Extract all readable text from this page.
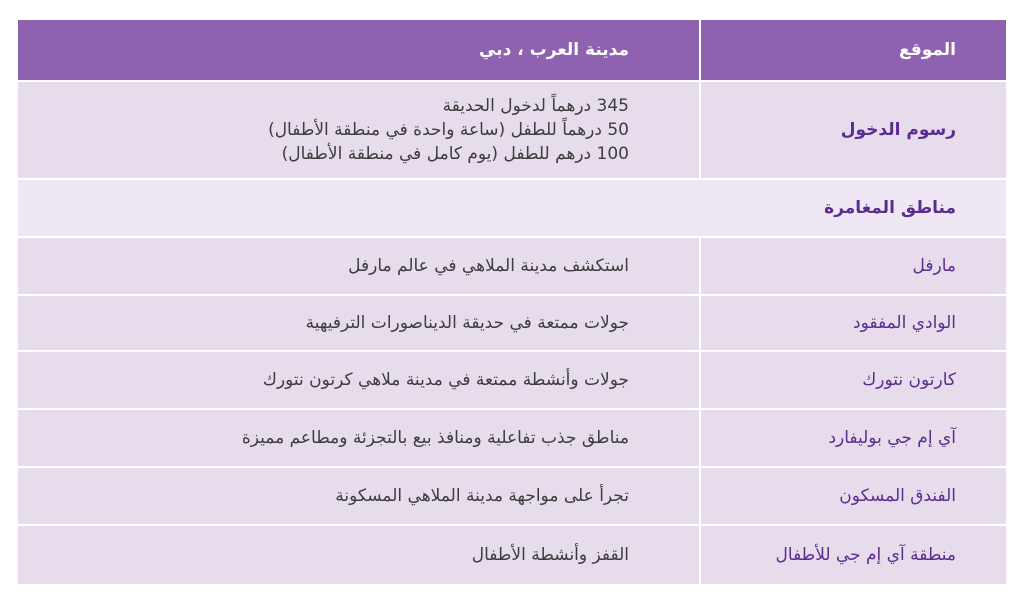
الموقع
مدينة العرب ، دبي
رسوم الدخول
345 درهماً لدخول الحديقة
50 درهماً للطفل (ساعة واحدة في منطقة الأطفال)
100 درهم للطفل (يوم كامل في منطقة الأطفال)
مناطق المغامرة
مارفل
استكشف مدينة الملاهي في عالم مارفل
الوادي المفقود
جولات ممتعة في حديقة الديناصورات الترفيهية
كارتون نتورك
جولات وأنشطة ممتعة في مدينة ملاهي كرتون نتورك
آي إم جي بوليفارد
مناطق جذب تفاعلية ومنافذ بيع بالتجزئة ومطاعم مميزة
الفندق المسكون
تجرأ على مواجهة مدينة الملاهي المسكونة
منطقة آي إم جي للأطفال
القفز وأنشطة الأطفال
